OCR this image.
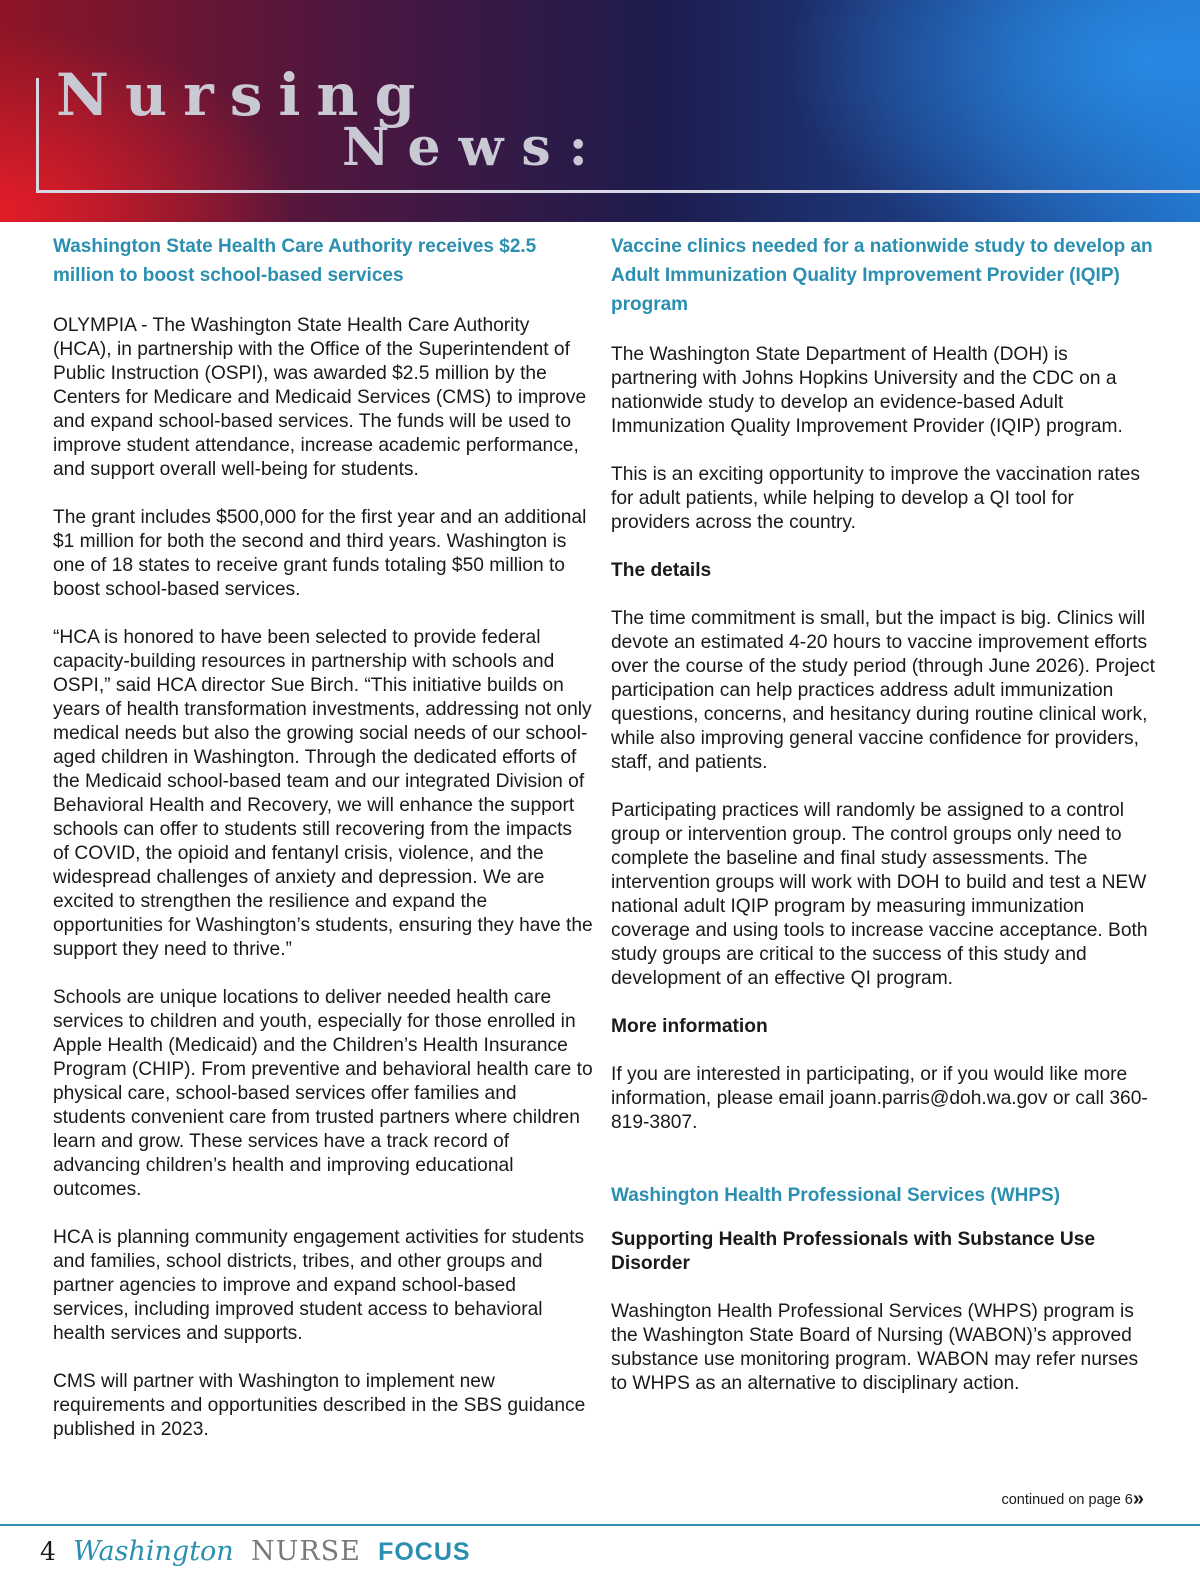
Nursing
News:
Washington State Health Care Authority receives $2.5 million to boost school-based services

OLYMPIA - The Washington State Health Care Authority (HCA), in partnership with the Office of the Superintendent of Public Instruction (OSPI), was awarded $2.5 million by the Centers for Medicare and Medicaid Services (CMS) to improve and expand school-based services. The funds will be used to improve student attendance, increase academic performance, and support overall well-being for students.

The grant includes $500,000 for the first year and an additional $1 million for both the second and third years. Washington is one of 18 states to receive grant funds totaling $50 million to boost school-based services.

“HCA is honored to have been selected to provide federal capacity-building resources in partnership with schools and OSPI,” said HCA director Sue Birch. “This initiative builds on years of health transformation investments, addressing not only medical needs but also the growing social needs of our school-aged children in Washington. Through the dedicated efforts of the Medicaid school-based team and our integrated Division of Behavioral Health and Recovery, we will enhance the support schools can offer to students still recovering from the impacts of COVID, the opioid and fentanyl crisis, violence, and the widespread challenges of anxiety and depression. We are excited to strengthen the resilience and expand the opportunities for Washington’s students, ensuring they have the support they need to thrive.”

Schools are unique locations to deliver needed health care services to children and youth, especially for those enrolled in Apple Health (Medicaid) and the Children’s Health Insurance Program (CHIP). From preventive and behavioral health care to physical care, school-based services offer families and students convenient care from trusted partners where children learn and grow. These services have a track record of advancing children’s health and improving educational outcomes.

HCA is planning community engagement activities for students and families, school districts, tribes, and other groups and partner agencies to improve and expand school-based services, including improved student access to behavioral health services and supports.

CMS will partner with Washington to implement new requirements and opportunities described in the SBS guidance published in 2023.

Vaccine clinics needed for a nationwide study to develop an Adult Immunization Quality Improvement Provider (IQIP) program

The Washington State Department of Health (DOH) is partnering with Johns Hopkins University and the CDC on a nationwide study to develop an evidence-based Adult Immunization Quality Improvement Provider (IQIP) program.

This is an exciting opportunity to improve the vaccination rates for adult patients, while helping to develop a QI tool for providers across the country.

The details

The time commitment is small, but the impact is big. Clinics will devote an estimated 4-20 hours to vaccine improvement efforts over the course of the study period (through June 2026). Project participation can help practices address adult immunization questions, concerns, and hesitancy during routine clinical work, while also improving general vaccine confidence for providers, staff, and patients.

Participating practices will randomly be assigned to a control group or intervention group. The control groups only need to complete the baseline and final study assessments. The intervention groups will work with DOH to build and test a NEW national adult IQIP program by measuring immunization coverage and using tools to increase vaccine acceptance. Both study groups are critical to the success of this study and development of an effective QI program.

More information

If you are interested in participating, or if you would like more information, please email joann.parris@doh.wa.gov or call 360-819-3807.

Washington Health Professional Services (WHPS)
Supporting Health Professionals with Substance Use Disorder

Washington Health Professional Services (WHPS) program is the Washington State Board of Nursing (WABON)’s approved substance use monitoring program. WABON may refer nurses to WHPS as an alternative to disciplinary action.

continued on page 6»
4 Washington NURSE FOCUS
